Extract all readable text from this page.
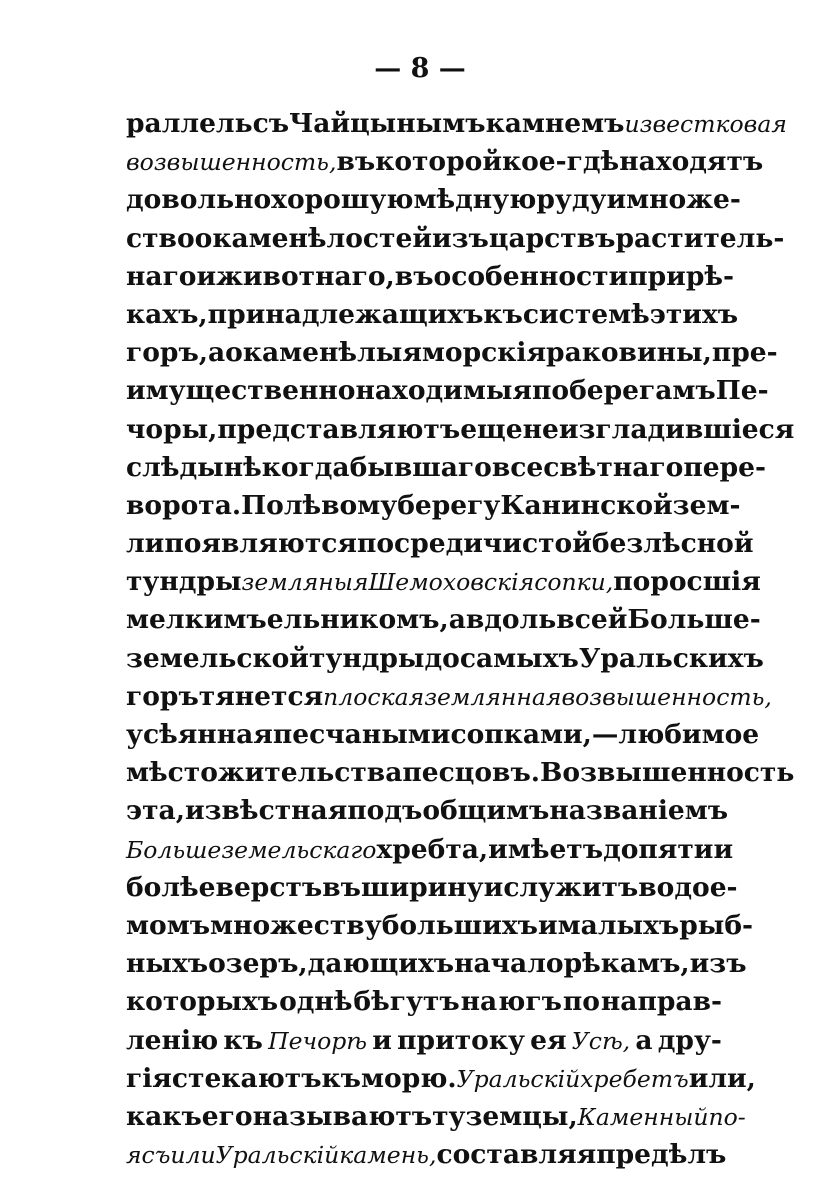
— 8 —
раллель съ Чайцынымъ камнемъ известковая
возвышенность, въ которой кое-гдѣ находятъ
довольно хорошую мѣдную руду и множе-
ство окаменѣлостей изъ царствъ раститель-
наго и животнаго, въ особенности при рѣ-
кахъ, принадлежащихъ къ системѣ этихъ
горъ, а окаменѣлыя морскія раковины, пре-
имущественно находимыя по берегамъ Пе-
чоры, представляютъ еще неизгладившіеся
слѣды нѣкогда бывшаго всесвѣтнаго пере-
ворота. По лѣвому берегу Канинской зем-
ли появляются посреди чистой безлѣсной
тундры земляныя Шемоховскія сопки, поросшія
мелкимъ ельникомъ, а вдоль всей Больше-
земельской тундры до самыхъ Уральскихъ
горъ тянется плоская землянная возвышенность,
усѣянная песчаными сопками, — любимое
мѣсто жительства песцовъ. Возвышенность
эта, извѣстная подъ общимъ названіемъ
Большеземельскаго хребта, имѣетъ до пяти и
болѣе верстъ въ ширину и служитъ водое-
момъ множеству большихъ и малыхъ рыб-
ныхъ озеръ, дающихъ начало рѣкамъ, изъ
которыхъ однѣ бѣгутъ на югъ по направ-
ленію къ Печорѣ и притоку ея Усѣ, а дру-
гія стекаютъ къ морю. Уральскій хребетъ или,
какъ его называютъ туземцы, Каменный по-
ясъ или Уральскій камень, составляя предѣлъ
